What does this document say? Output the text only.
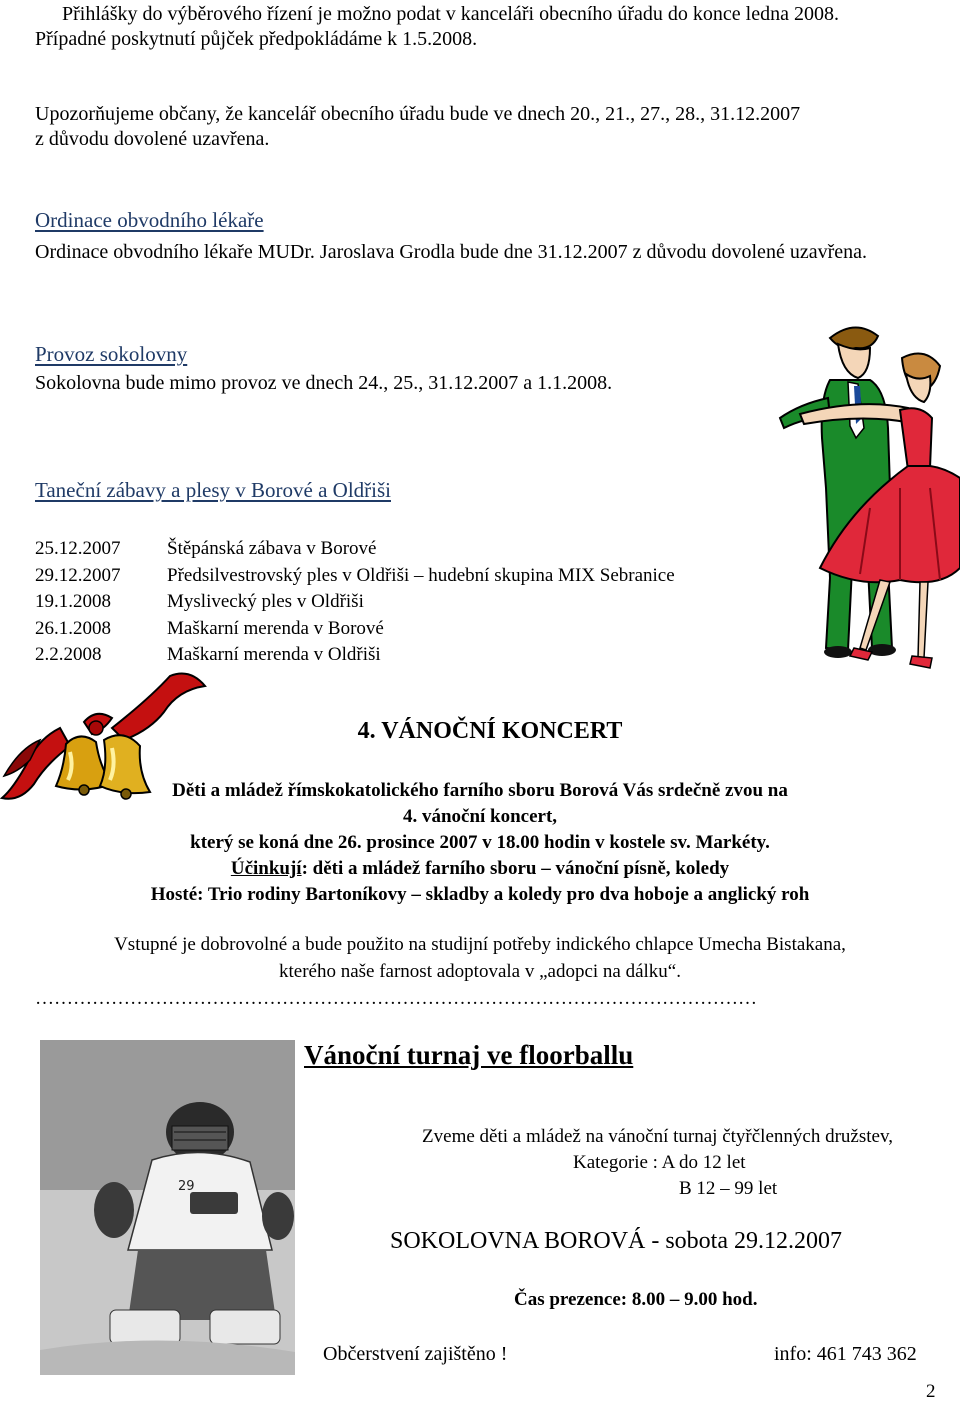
Přihlášky do výběrového řízení je možno podat v kanceláři obecního úřadu do konce ledna 2008.

Případné poskytnutí půjček předpokládáme k 1.5.2008.

Upozorňujeme občany, že kancelář obecního úřadu bude ve dnech 20., 21., 27., 28., 31.12.2007

z důvodu dovolené uzavřena.

Ordinace obvodního lékaře

Ordinace obvodního lékaře MUDr. Jaroslava Grodla bude dne 31.12.2007 z důvodu dovolené uzavřena.

Provoz sokolovny

Sokolovna bude mimo provoz ve dnech 24., 25., 31.12.2007 a 1.1.2008.

Taneční zábavy a plesy v Borové a Oldřiši

25.12.2007	Štěpánská zábava v Borové
29.12.2007	Předsilvestrovský ples v Oldřiši – hudební skupina MIX Sebranice
19.1.2008	Myslivecký ples v Oldřiši
26.1.2008	Maškarní merenda v Borové
2.2.2008	Maškarní merenda v Oldřiši
4. VÁNOČNÍ KONCERT
Děti a mládež římskokatolického farního sboru Borová Vás srdečně zvou na
4. vánoční koncert,
který se koná dne 26. prosince 2007 v 18.00 hodin v kostele sv. Markéty.
Účinkují: děti a mládež farního sboru – vánoční písně, koledy
Hosté: Trio rodiny Bartoníkovy – skladby a koledy pro dva hoboje a anglický roh
Vstupné je dobrovolné a bude použito na studijní potřeby indického chlapce Umecha Bistakana,
kterého naše farnost adoptovala v „adopci na dálku“.
……………………………………………………………………………………………………
29
Vánoční turnaj ve floorballu
Zveme děti a mládež na vánoční turnaj čtyřčlenných družstev,
Kategorie : A do 12 let
B 12 – 99 let
SOKOLOVNA BOROVÁ - sobota 29.12.2007
Čas prezence: 8.00 – 9.00 hod.
Občerstvení zajištěno !	info: 461 743 362
2
